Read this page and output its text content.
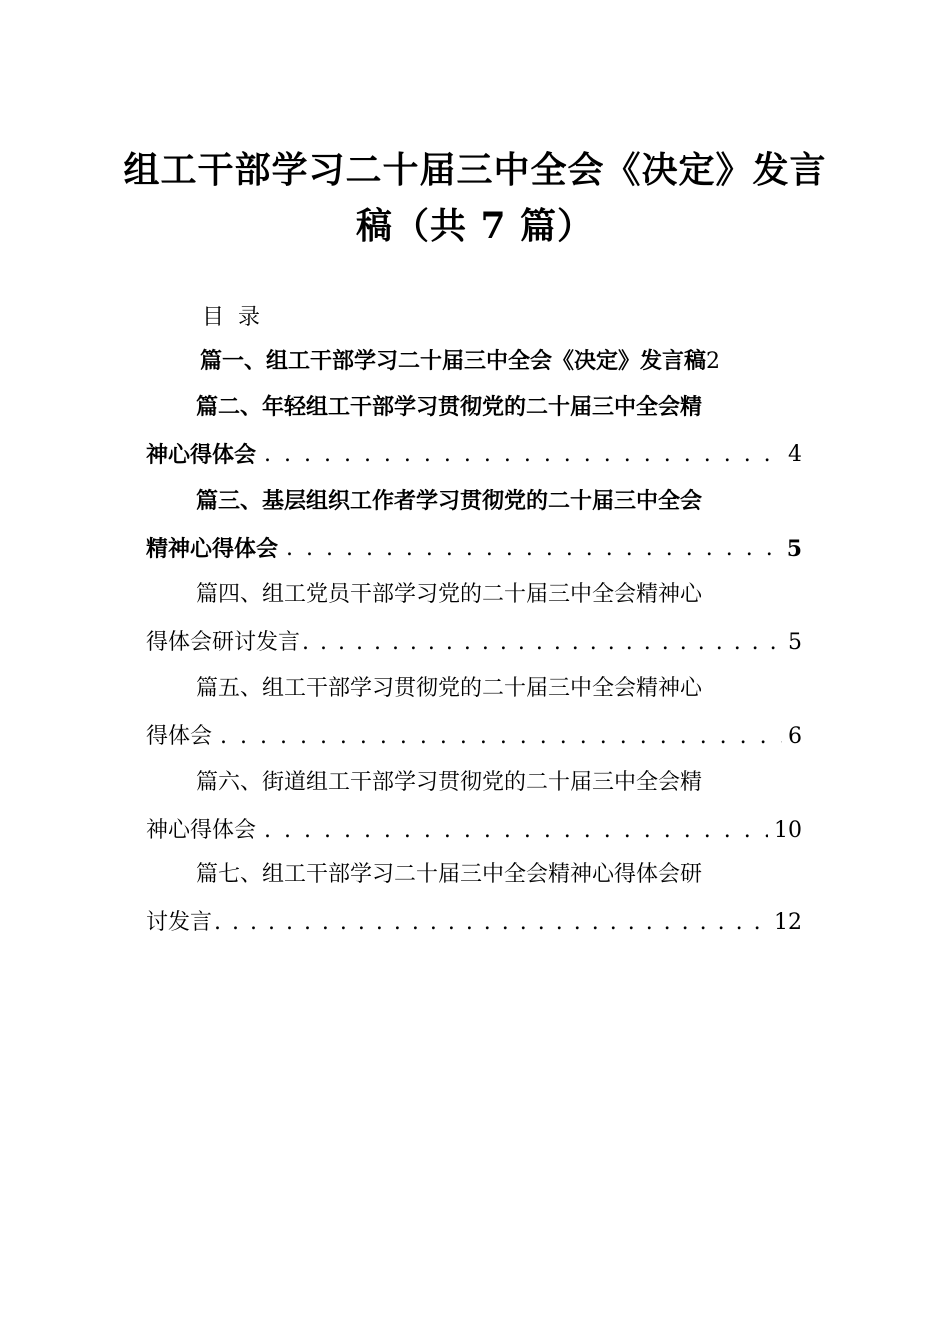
组工干部学习二十届三中全会《决定》发言
稿（共 7 篇）
目  录
篇一、组工干部学习二十届三中全会《决定》发言稿2
篇二、年轻组工干部学习贯彻党的二十届三中全会精
神心得体会 . . .	4
篇三、基层组织工作者学习贯彻党的二十届三中全会
精神心得体会 . . .	5
篇四、组工党员干部学习党的二十届三中全会精神心
得体会研讨发言 . . .	5
篇五、组工干部学习贯彻党的二十届三中全会精神心
得体会 . . .	6
篇六、街道组工干部学习贯彻党的二十届三中全会精
神心得体会 . . .	10
篇七、组工干部学习二十届三中全会精神心得体会研
讨发言 . . .	12
